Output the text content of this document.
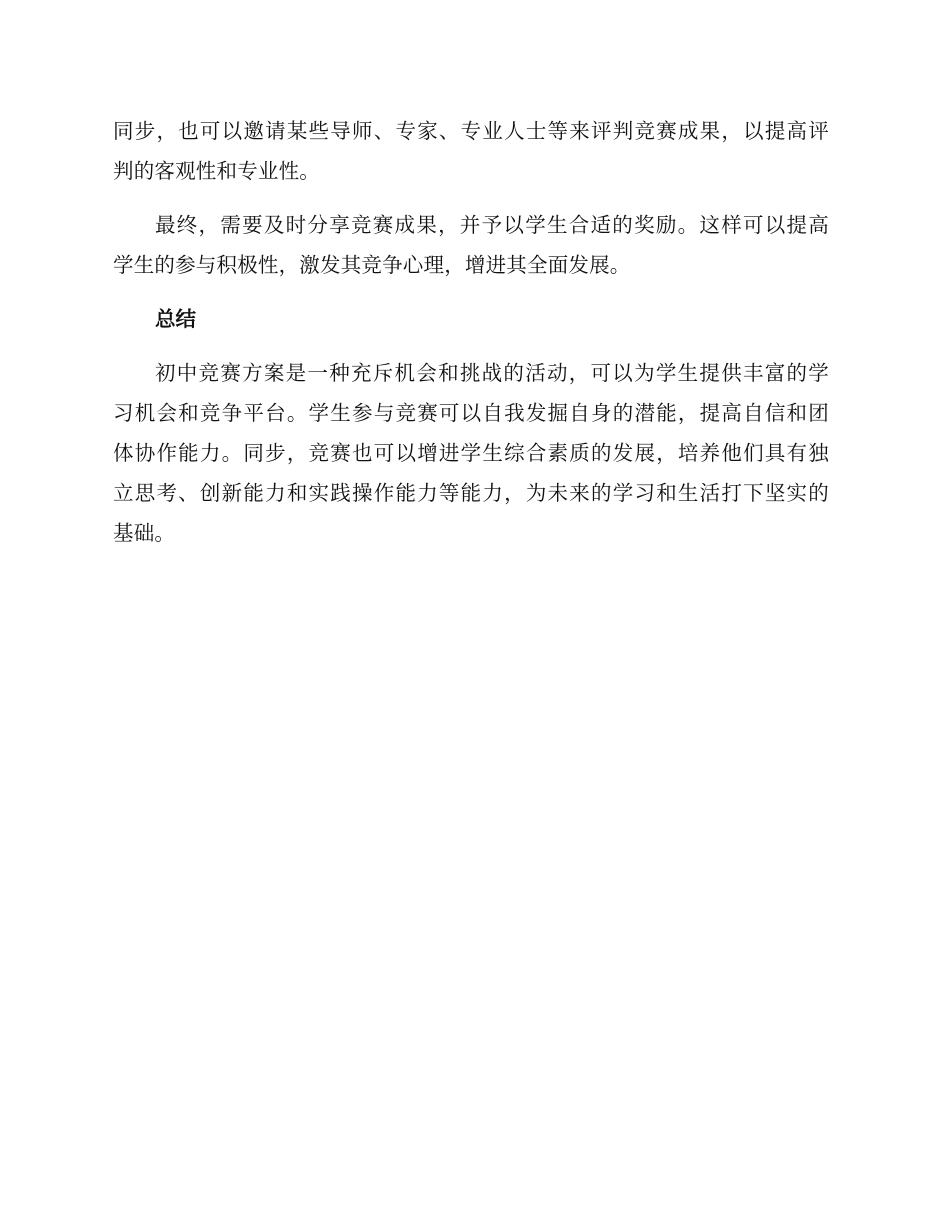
同步，也可以邀请某些导师、专家、专业人士等来评判竞赛成果，以提高评
判的客观性和专业性。

最终，需要及时分享竞赛成果，并予以学生合适的奖励。这样可以提高
学生的参与积极性，激发其竞争心理，增进其全面发展。

总结

初中竞赛方案是一种充斥机会和挑战的活动，可以为学生提供丰富的学
习机会和竞争平台。学生参与竞赛可以自我发掘自身的潜能，提高自信和团
体协作能力。同步，竞赛也可以增进学生综合素质的发展，培养他们具有独
立思考、创新能力和实践操作能力等能力，为未来的学习和生活打下坚实的
基础。
